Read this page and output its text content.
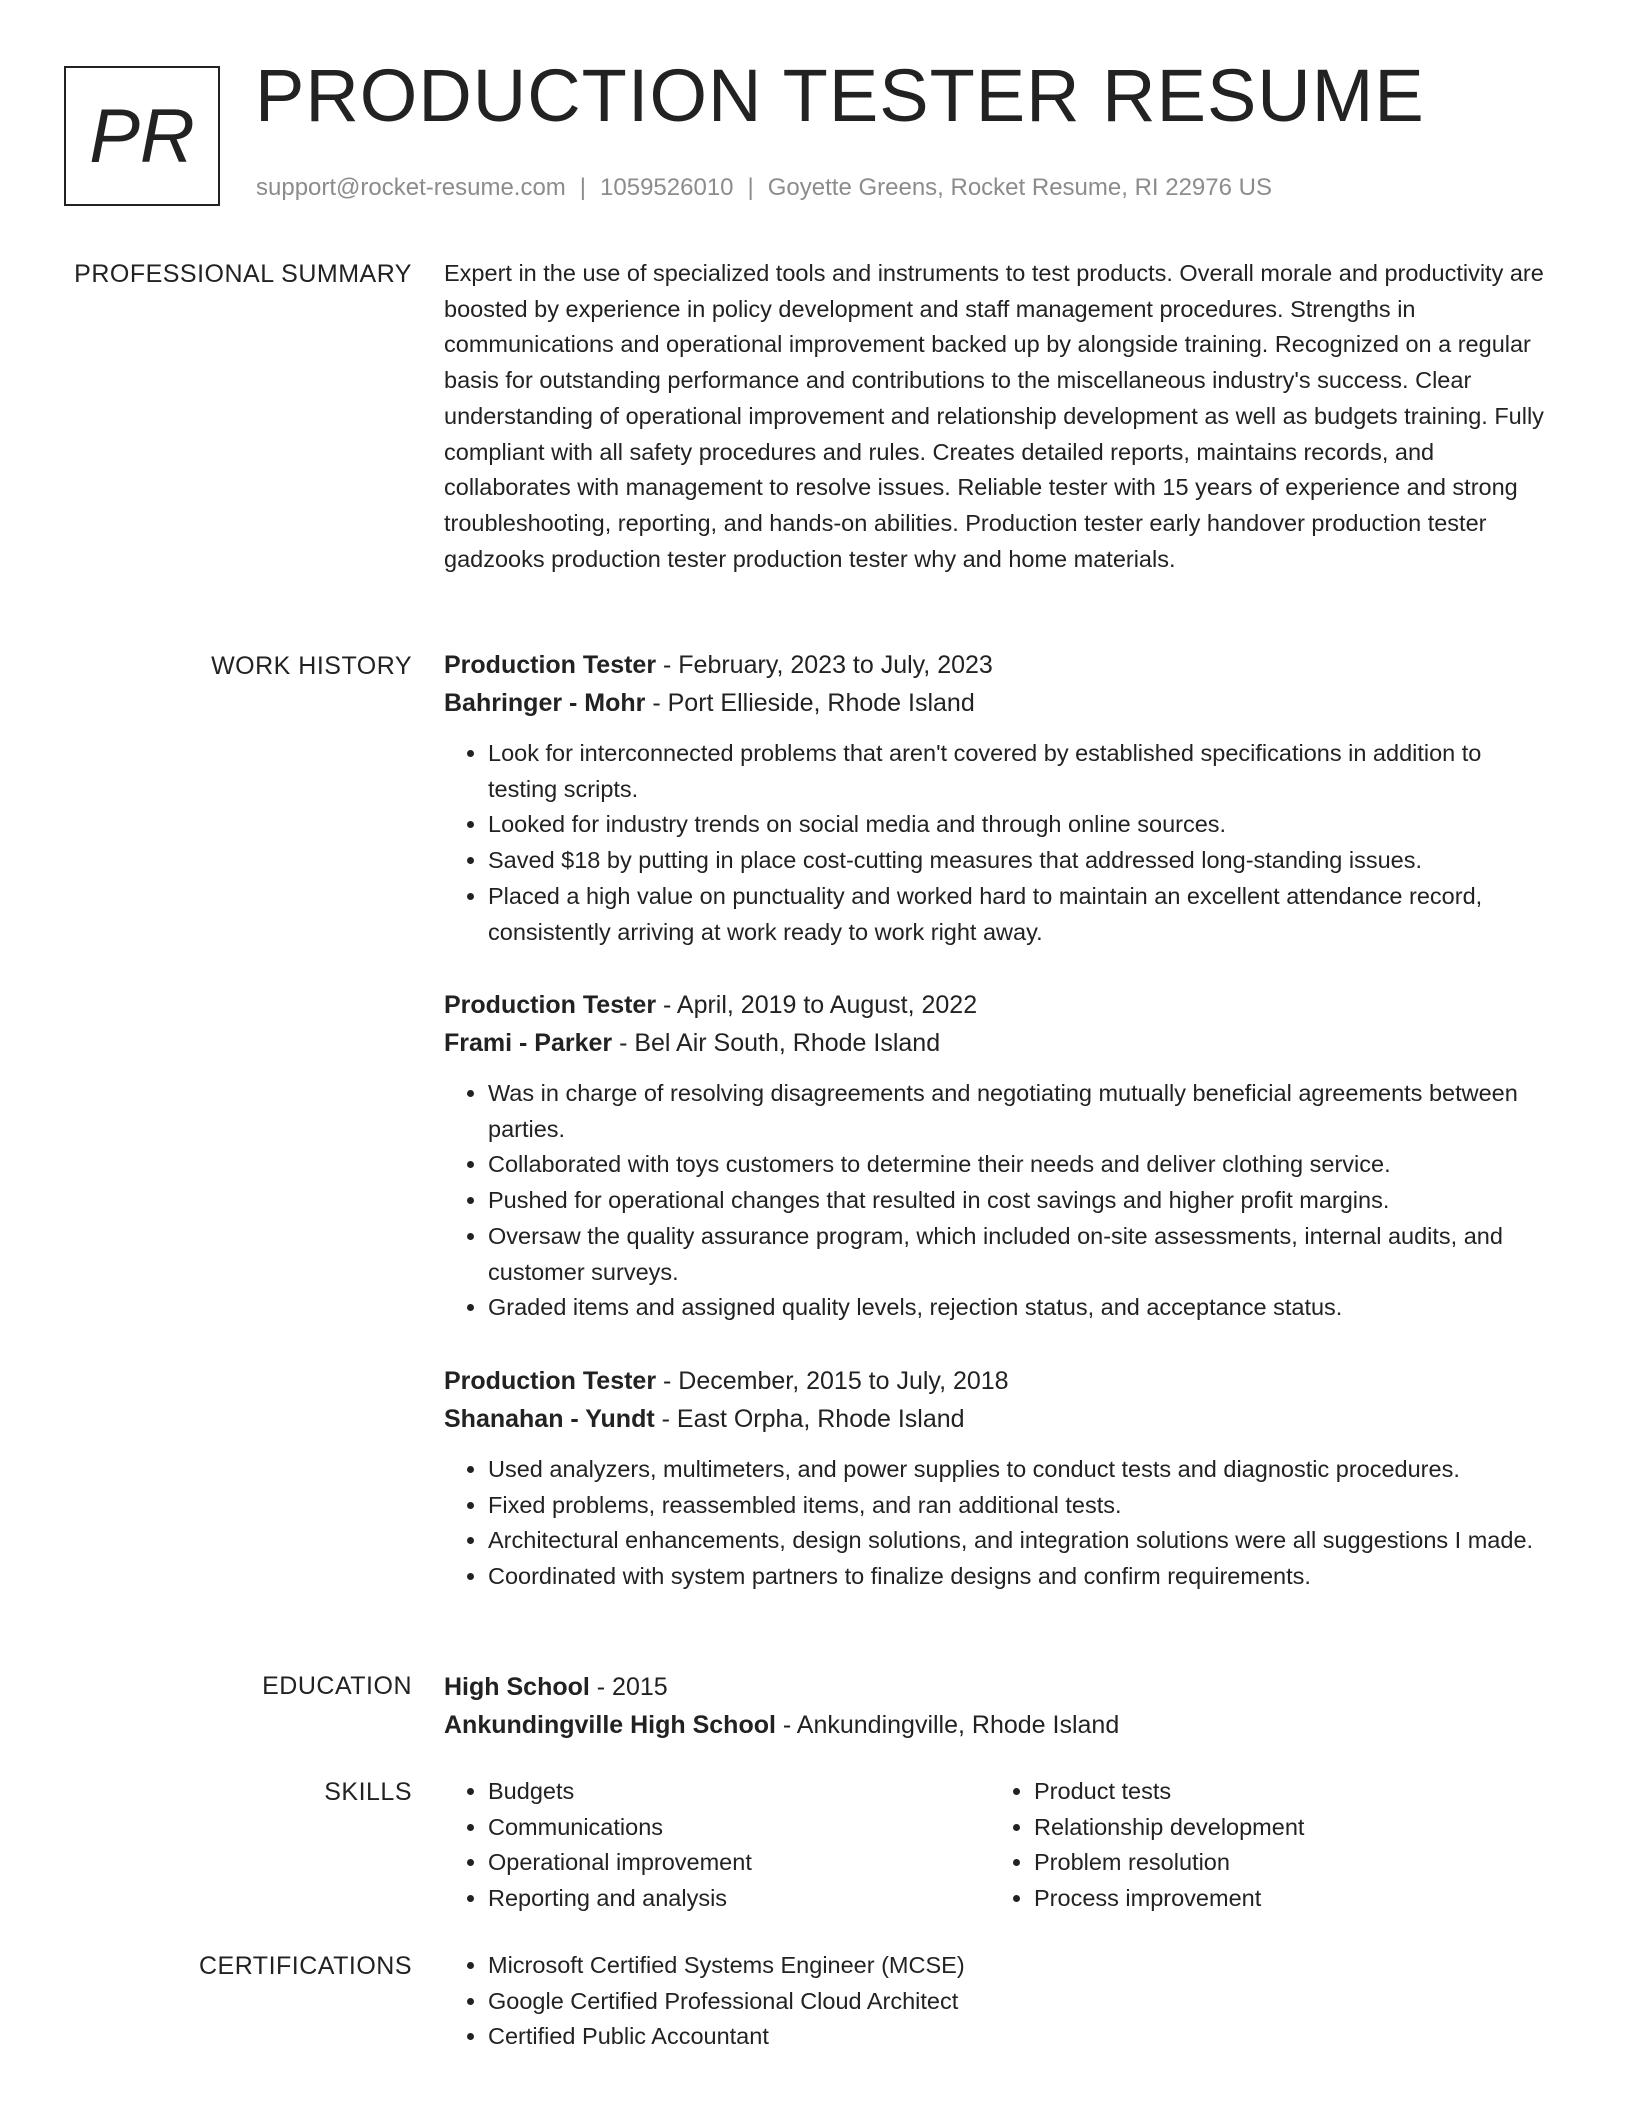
PR PRODUCTION TESTER RESUME
support@rocket-resume.com | 1059526010 | Goyette Greens, Rocket Resume, RI 22976 US
PROFESSIONAL SUMMARY Expert in the use of specialized tools and instruments to test products. Overall morale and productivity are boosted by experience in policy development and staff management procedures. Strengths in communications and operational improvement backed up by alongside training. Recognized on a regular basis for outstanding performance and contributions to the miscellaneous industry's success. Clear understanding of operational improvement and relationship development as well as budgets training. Fully compliant with all safety procedures and rules. Creates detailed reports, maintains records, and collaborates with management to resolve issues. Reliable tester with 15 years of experience and strong troubleshooting, reporting, and hands-on abilities. Production tester early handover production tester gadzooks production tester production tester why and home materials.

WORK HISTORY Production Tester - February, 2023 to July, 2023
Bahringer - Mohr - Port Ellieside, Rhode Island
• Look for interconnected problems that aren't covered by established specifications in addition to testing scripts.
• Looked for industry trends on social media and through online sources.
• Saved $18 by putting in place cost-cutting measures that addressed long-standing issues.
• Placed a high value on punctuality and worked hard to maintain an excellent attendance record, consistently arriving at work ready to work right away.
Production Tester - April, 2019 to August, 2022
Frami - Parker - Bel Air South, Rhode Island
• Was in charge of resolving disagreements and negotiating mutually beneficial agreements between parties.
• Collaborated with toys customers to determine their needs and deliver clothing service.
• Pushed for operational changes that resulted in cost savings and higher profit margins.
• Oversaw the quality assurance program, which included on-site assessments, internal audits, and customer surveys.
• Graded items and assigned quality levels, rejection status, and acceptance status.
Production Tester - December, 2015 to July, 2018
Shanahan - Yundt - East Orpha, Rhode Island
• Used analyzers, multimeters, and power supplies to conduct tests and diagnostic procedures.
• Fixed problems, reassembled items, and ran additional tests.
• Architectural enhancements, design solutions, and integration solutions were all suggestions I made.
• Coordinated with system partners to finalize designs and confirm requirements.
EDUCATION High School - 2015
Ankundingville High School - Ankundingville, Rhode Island
SKILLS	• Budgets
• Communications
• Operational improvement
• Reporting and analysis
• Product tests
• Relationship development
• Problem resolution
• Process improvement
CERTIFICATIONS	• Microsoft Certified Systems Engineer (MCSE)
• Google Certified Professional Cloud Architect
• Certified Public Accountant
